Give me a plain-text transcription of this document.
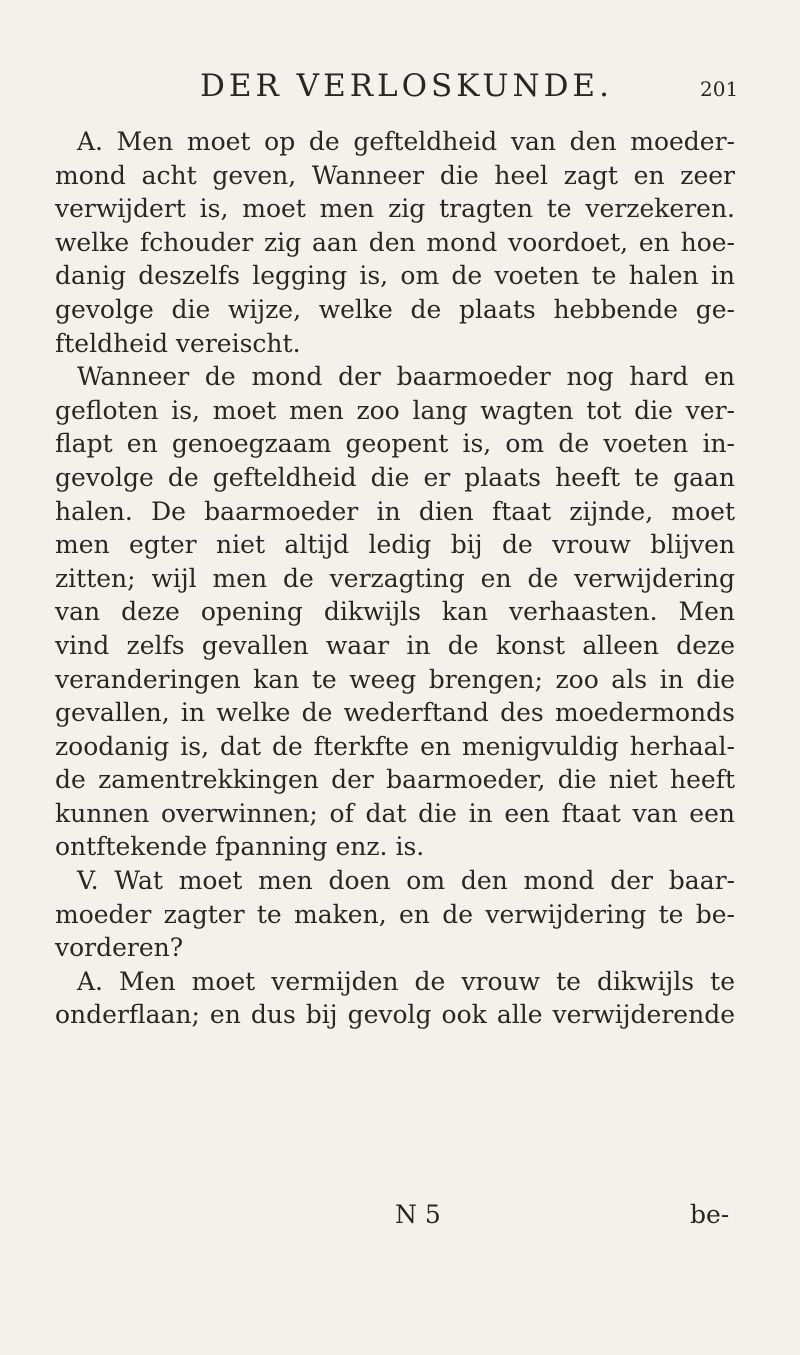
DER VERLOSKUNDE.	201
A. Men moet op de gefteldheid van den moeder-
mond acht geven, Wanneer die heel zagt en zeer
verwijdert is, moet men zig tragten te verzekeren.
welke fchouder zig aan den mond voordoet, en hoe-
danig deszelfs legging is, om de voeten te halen in
gevolge die wijze, welke de plaats hebbende ge-
fteldheid vereischt.
Wanneer de mond der baarmoeder nog hard en
gefloten is, moet men zoo lang wagten tot die ver-
flapt en genoegzaam geopent is, om de voeten in-
gevolge de gefteldheid die er plaats heeft te gaan
halen. De baarmoeder in dien ftaat zijnde, moet
men egter niet altijd ledig bij de vrouw blijven
zitten; wijl men de verzagting en de verwijdering
van deze opening dikwijls kan verhaasten. Men
vind zelfs gevallen waar in de konst alleen deze
veranderingen kan te weeg brengen; zoo als in die
gevallen, in welke de wederftand des moedermonds
zoodanig is, dat de fterkfte en menigvuldig herhaal-
de zamentrekkingen der baarmoeder, die niet heeft
kunnen overwinnen; of dat die in een ftaat van een
ontftekende fpanning enz. is.
V. Wat moet men doen om den mond der baar-
moeder zagter te maken, en de verwijdering te be-
vorderen?
A. Men moet vermijden de vrouw te dikwijls te
onderflaan; en dus bij gevolg ook alle verwijderende
N 5	be-
